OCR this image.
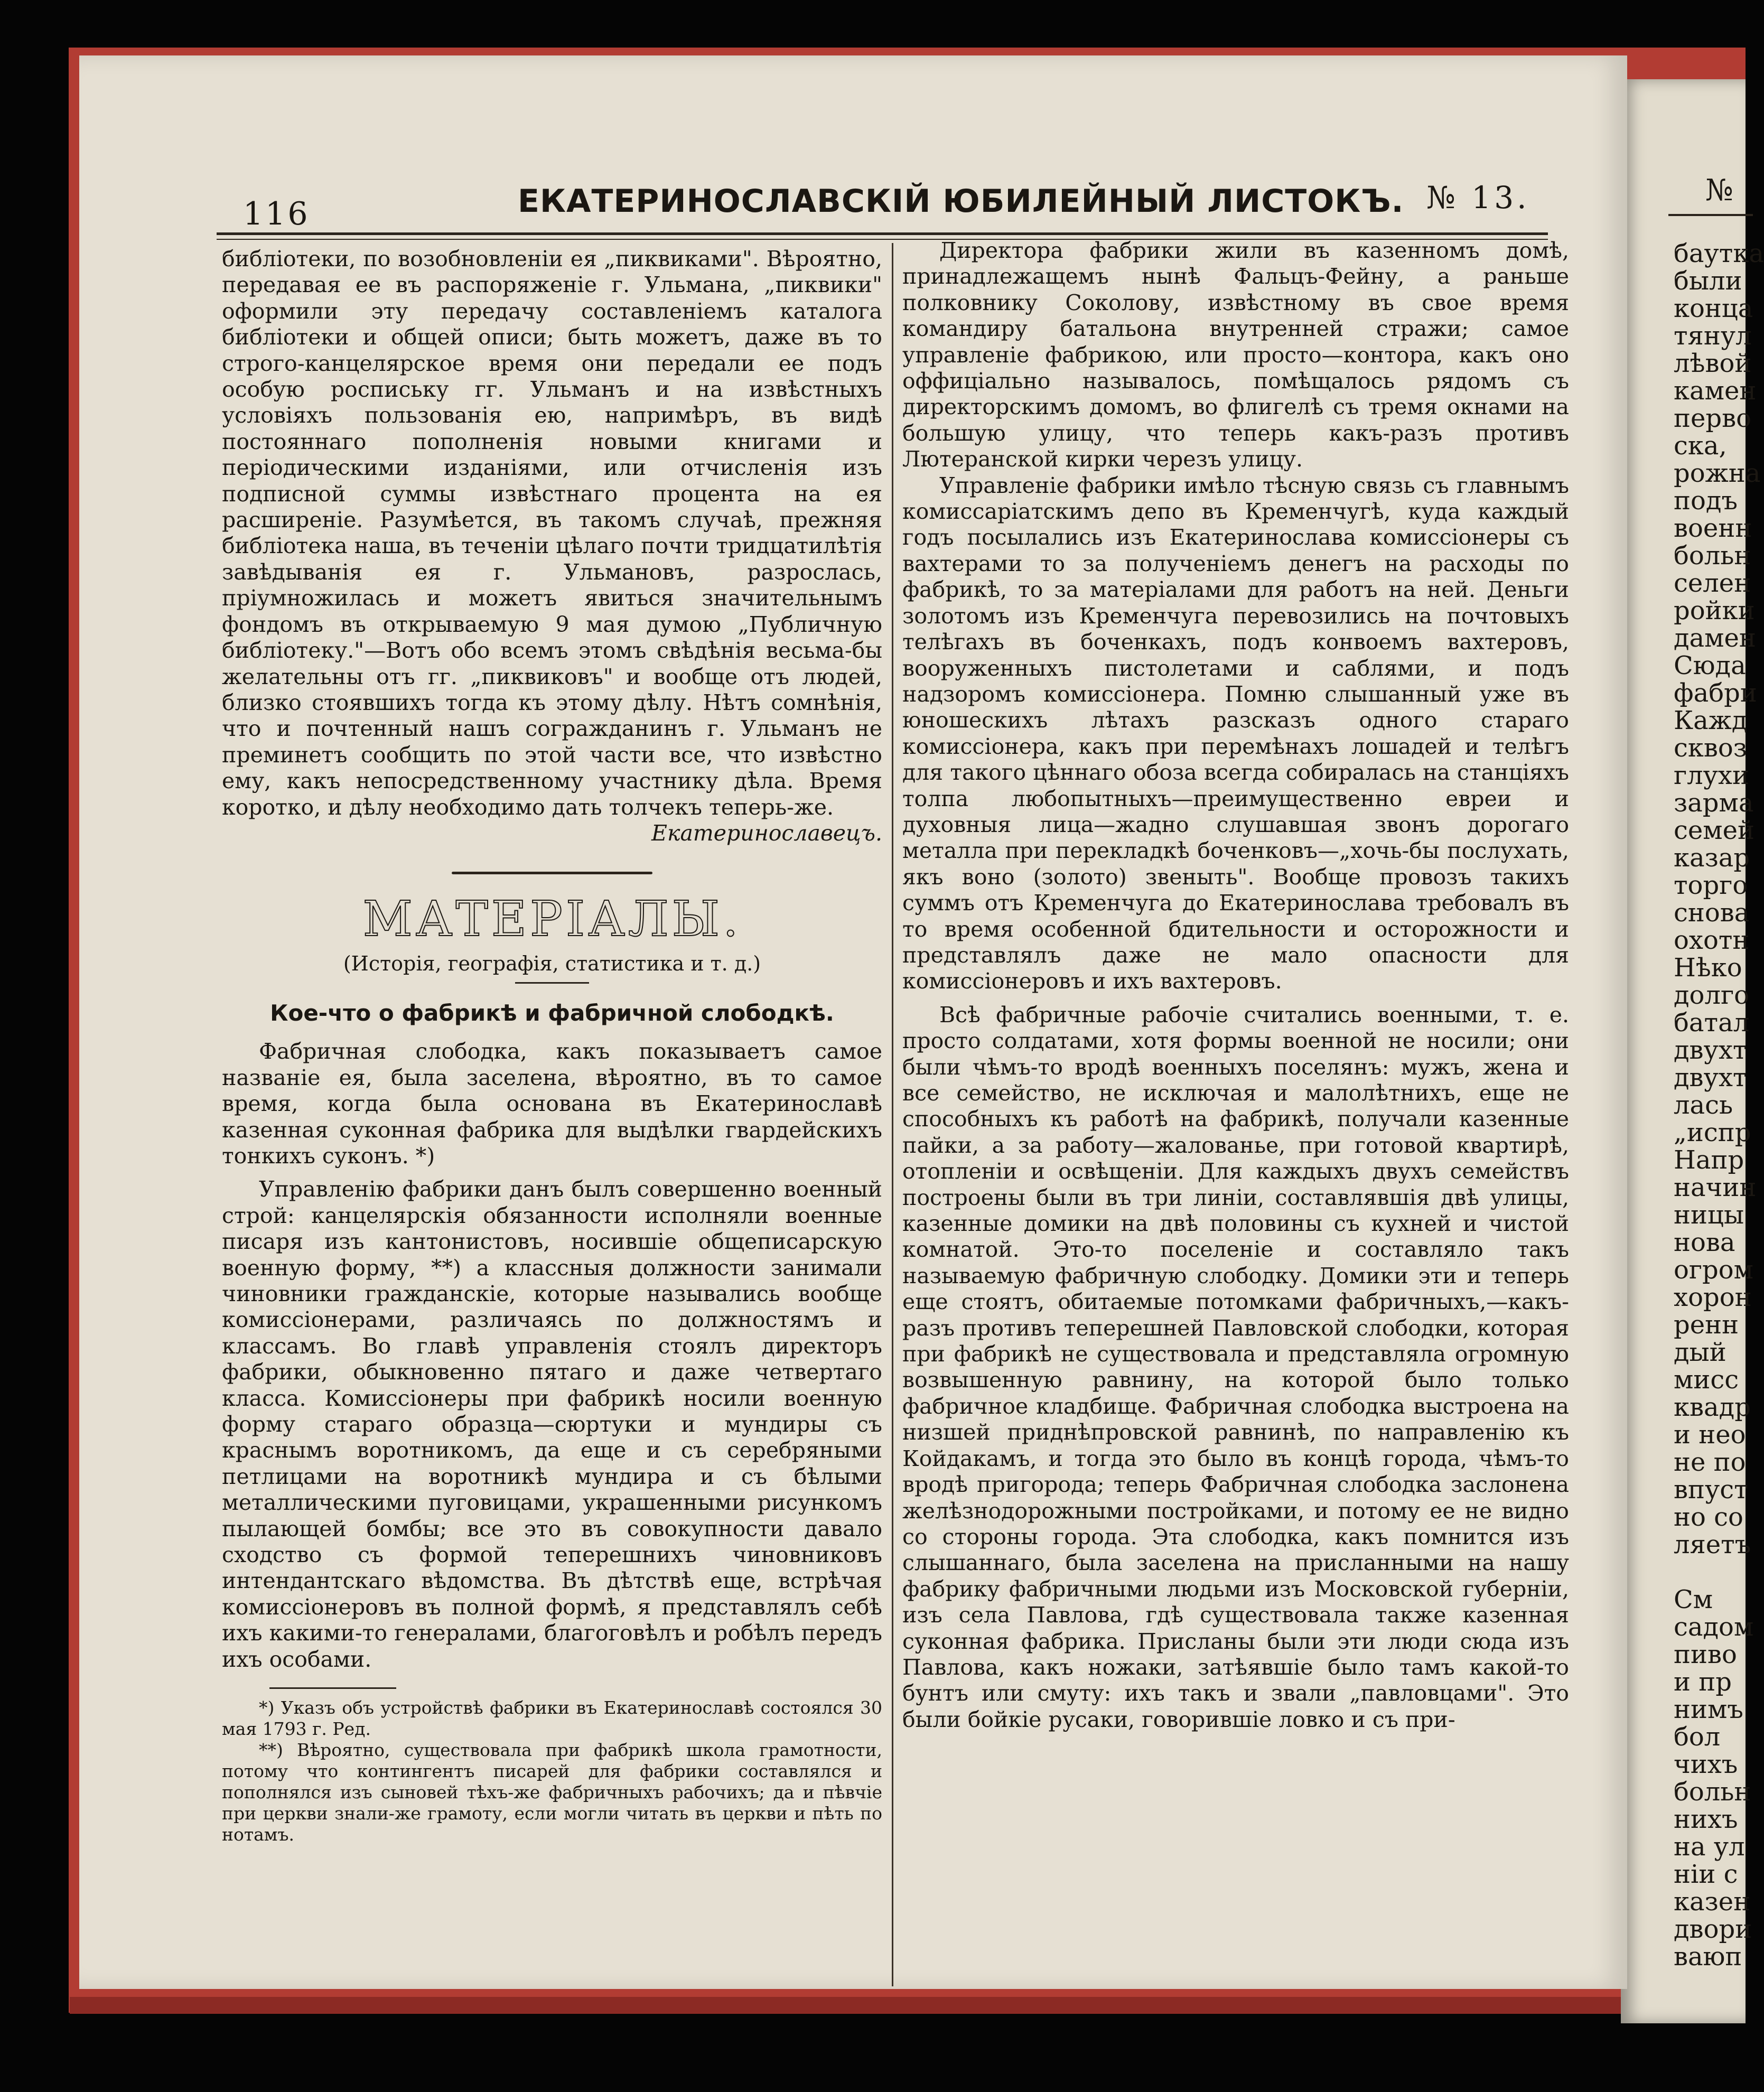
№
баутка
были
конца
тянул
лѣвой
камен
перво
ска,
рожна
подъ
военн
больн
селен
ройки
дамен
Сюда
фабри
Кажд
сквоз
глухи
зарма
семей
казар
торго
снова
охотн
Нѣко
долго
батал
двухт
двухт
лась
„испр
Напр
начин
ницы
нова
огром
хорон
ренн
дый
мисс
квадр
и нео
не по
впуст
но со
ляетъ
См
садом
пиво
и пр
нимъ
бол
чихъ
больн
нихъ
на ул
ніи с
казен
двори
ваюп
116	ЕКАТЕРИНОСЛАВСКІЙ ЮБИЛЕЙНЫЙ ЛИСТОКЪ. № 13.

библіотеки, по возобновленіи ея „пиквиками". Вѣроятно, передавая ее въ распоряженіе г. Ульмана, „пиквики" оформили эту передачу составленіемъ каталога библіотеки и общей описи; быть можетъ, даже въ то строго-канцелярское время они передали ее подъ особую роспиську гг. Ульманъ и на извѣстныхъ условіяхъ пользованія ею, напримѣръ, въ видѣ постояннаго пополненія новыми книгами и періодическими изданіями, или отчисленія изъ подписной суммы извѣстнаго процента на ея расширеніе. Разумѣется, въ такомъ случаѣ, прежняя библіотека наша, въ теченіи цѣлаго почти тридцатилѣтія завѣдыванія ея г. Ульмановъ, разрослась, пріумножилась и можетъ явиться значительнымъ фондомъ въ открываемую 9 мая думою „Публичную библіотеку."—Вотъ обо всемъ этомъ свѣдѣнія весьма-бы желательны отъ гг. „пиквиковъ" и вообще отъ людей, близко стоявшихъ тогда къ этому дѣлу. Нѣтъ сомнѣнія, что и почтенный нашъ согражданинъ г. Ульманъ не преминетъ сообщить по этой части все, что извѣстно ему, какъ непосредственному участнику дѣла. Время коротко, и дѣлу необходимо дать толчекъ теперь-же.

Екатеринославецъ.
МАТЕРІАЛЫ.
(Исторія, географія, статистика и т. д.)
Кое-что о фабрикѣ и фабричной слободкѣ.

Фабричная слободка, какъ показываетъ самое названіе ея, была заселена, вѣроятно, въ то самое время, когда была основана въ Екатеринославѣ казенная суконная фабрика для выдѣлки гвардейскихъ тонкихъ суконъ. *)

Управленію фабрики данъ былъ совершенно военный строй: канцелярскія обязанности исполняли военные писаря изъ кантонистовъ, носившіе общеписарскую военную форму, **) а классныя должности занимали чиновники гражданскіе, которые назывались вообще комиссіонерами, различаясь по должностямъ и классамъ. Во главѣ управленія стоялъ директоръ фабрики, обыкновенно пятаго и даже четвертаго класса. Комиссіонеры при фабрикѣ носили военную форму стараго образца—сюртуки и мундиры съ краснымъ воротникомъ, да еще и съ серебряными петлицами на воротникѣ мундира и съ бѣлыми металлическими пуговицами, украшенными рисункомъ пылающей бомбы; все это въ совокупности давало сходство съ формой теперешнихъ чиновниковъ интендантскаго вѣдомства. Въ дѣтствѣ еще, встрѣчая комиссіонеровъ въ полной формѣ, я представлялъ себѣ ихъ какими-то генералами, благоговѣлъ и робѣлъ передъ ихъ особами.

*) Указъ объ устройствѣ фабрики въ Екатеринославѣ состоялся 30 мая 1793 г. Ред.

**) Вѣроятно, существовала при фабрикѣ школа грамотности, потому что контингентъ писарей для фабрики составлялся и пополнялся изъ сыновей тѣхъ-же фабричныхъ рабочихъ; да и пѣвчіе при церкви знали-же грамоту, если могли читать въ церкви и пѣть по нотамъ.

Директора фабрики жили въ казенномъ домѣ, принадлежащемъ нынѣ Фальцъ-Фейну, а раньше полковнику Соколову, извѣстному въ свое время командиру батальона внутренней стражи; самое управленіе фабрикою, или просто—контора, какъ оно оффиціально называлось, помѣщалось рядомъ съ директорскимъ домомъ, во флигелѣ съ тремя окнами на большую улицу, что теперь какъ-разъ противъ Лютеранской кирки черезъ улицу.

Управленіе фабрики имѣло тѣсную связь съ главнымъ комиссаріатскимъ депо въ Кременчугѣ, куда каждый годъ посылались изъ Екатеринослава комиссіонеры съ вахтерами то за полученіемъ денегъ на расходы по фабрикѣ, то за матеріалами для работъ на ней. Деньги золотомъ изъ Кременчуга перевозились на почтовыхъ телѣгахъ въ боченкахъ, подъ конвоемъ вахтеровъ, вооруженныхъ пистолетами и саблями, и подъ надзоромъ комиссіонера. Помню слышанный уже въ юношескихъ лѣтахъ разсказъ одного стараго комиссіонера, какъ при перемѣнахъ лошадей и телѣгъ для такого цѣннаго обоза всегда собиралась на станціяхъ толпа любопытныхъ—преимущественно евреи и духовныя лица—жадно слушавшая звонъ дорогаго металла при перекладкѣ боченковъ—„хочь-бы послухать, якъ воно (золото) звеныть". Вообще провозъ такихъ суммъ отъ Кременчуга до Екатеринослава требовалъ въ то время особенной бдительности и осторожности и представлялъ даже не мало опасности для комиссіонеровъ и ихъ вахтеровъ.

Всѣ фабричные рабочіе считались военными, т. е. просто солдатами, хотя формы военной не носили; они были чѣмъ-то вродѣ военныхъ поселянъ: мужъ, жена и все семейство, не исключая и малолѣтнихъ, еще не способныхъ къ работѣ на фабрикѣ, получали казенные пайки, а за работу—жалованье, при готовой квартирѣ, отопленіи и освѣщеніи. Для каждыхъ двухъ семействъ построены были въ три линіи, составлявшія двѣ улицы, казенные домики на двѣ половины съ кухней и чистой комнатой. Это-то поселеніе и составляло такъ называемую фабричную слободку. Домики эти и теперь еще стоятъ, обитаемые потомками фабричныхъ,—какъ-разъ противъ теперешней Павловской слободки, которая при фабрикѣ не существовала и представляла огромную возвышенную равнину, на которой было только фабричное кладбище. Фабричная слободка выстроена на низшей приднѣпровской равнинѣ, по направленію къ Койдакамъ, и тогда это было въ концѣ города, чѣмъ-то вродѣ пригорода; теперь Фабричная слободка заслонена желѣзнодорожными постройками, и потому ее не видно со стороны города. Эта слободка, какъ помнится изъ слышаннаго, была заселена на присланными на нашу фабрику фабричными людьми изъ Московской губерніи, изъ села Павлова, гдѣ существовала также казенная суконная фабрика. Присланы были эти люди сюда изъ Павлова, какъ ножаки, затѣявшіе было тамъ какой-то бунтъ или смуту: ихъ такъ и звали „павловцами". Это были бойкіе русаки, говорившіе ловко и съ при-
